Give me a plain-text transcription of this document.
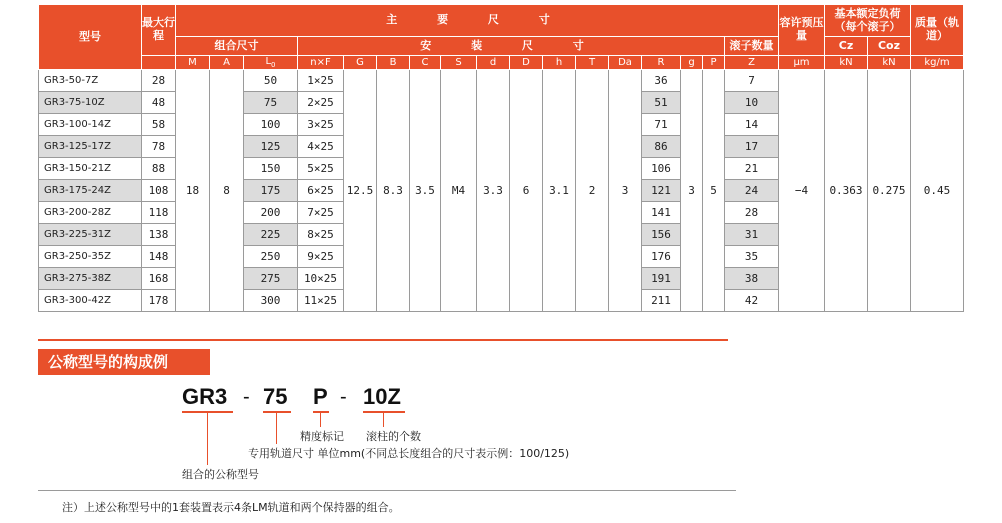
型号	最大行程	主 要 尺 寸																	容许预压量	基本额定负荷（每个滚子）		质量（轨道）
		组合尺寸			安 装 尺 寸													滚子数量		Cz	Coz	
		M	A	$L_0$	n×F	G	B	C	S	d	D	h	T	Da	R	g	P	Z	μm	kN	kN	kg/m
GR3-50-7Z	28	18	8	50	1×25	12.5	8.3	3.5	M4	3.3	6	3.1	2	3	36	3	5	7	−4	0.363	0.275	0.45
GR3-75-10Z	48			75	2×25										51			10				
GR3-100-14Z	58			100	3×25										71			14				
GR3-125-17Z	78			125	4×25										86			17				
GR3-150-21Z	88			150	5×25										106			21				
GR3-175-24Z	108			175	6×25										121			24				
GR3-200-28Z	118			200	7×25										141			28				
GR3-225-31Z	138			225	8×25										156			31				
GR3-250-35Z	148			250	9×25										176			35				
GR3-275-38Z	168			275	10×25										191			38				
GR3-300-42Z	178			300	11×25										211			42				
公称型号的构成例
GR3 - 75 P - 10Z
精度标记 滚柱的个数
专用轨道尺寸 单位mm(不同总长度组合的尺寸表示例：100/125)
组合的公称型号
注）上述公称型号中的1套装置表示4条LM轨道和两个保持器的组合。
